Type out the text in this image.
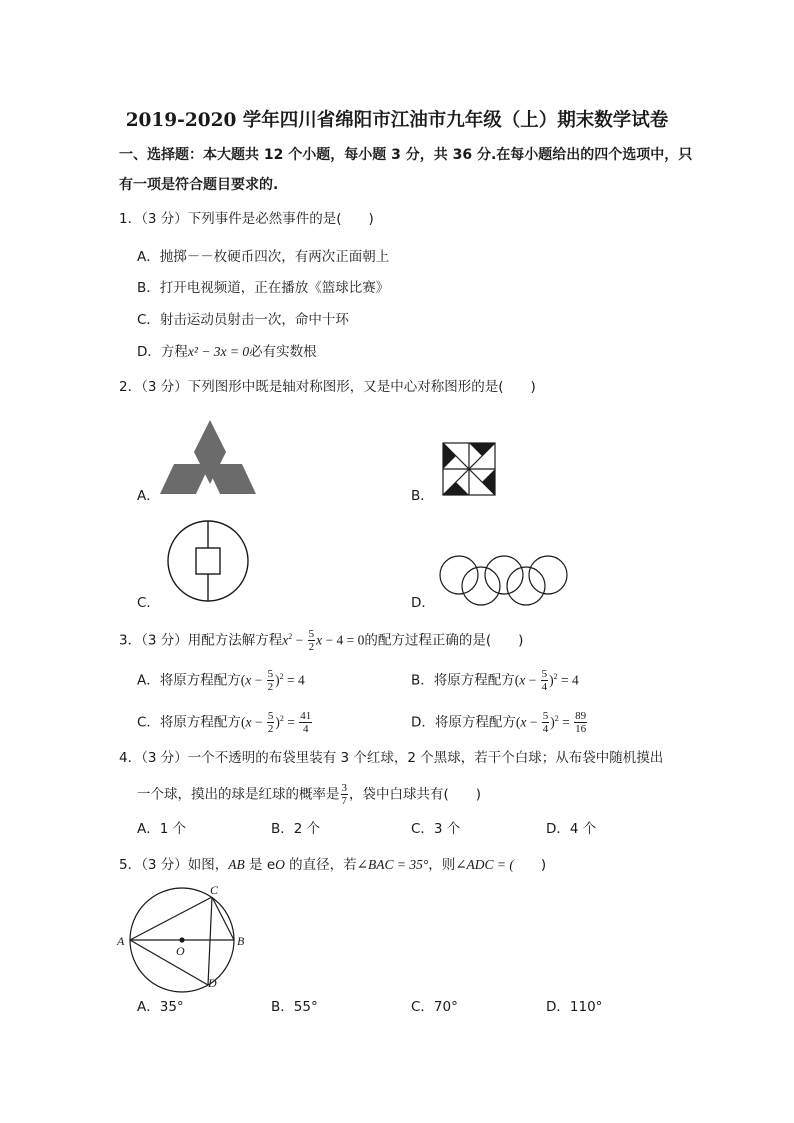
2019-2020 学年四川省绵阳市江油市九年级（上）期末数学试卷
一、选择题：本大题共 12 个小题，每小题 3 分，共 36 分.在每小题给出的四个选项中，只
有一项是符合题目要求的.
1．（3 分）下列事件是必然事件的是(　　)
A．抛掷－－枚硬币四次，有两次正面朝上
B．打开电视频道，正在播放《篮球比赛》
C．射击运动员射击一次，命中十环
D．方程x² − 3x = 0必有实数根
2．（3 分）下列图形中既是轴对称图形，又是中心对称图形的是(　　)
A．	B．
C．	D．
3．（3 分）用配方法解方程$x^2 - \frac{5}{2}$ x − 4 = 0的配方过程正确的是(　　)
A．将原方程配方$(x - \frac{5}{2} )^2 = 4$	B．将原方程配方$(x - \frac{5}{4} )^2 = 4$
C．将原方程配方$(x - \frac{5}{2} )^2 = \frac{41}{4}$	D．将原方程配方$(x - \frac{5}{4} )^2 = \frac{89}{16}$
4．（3 分）一个不透明的布袋里装有 3 个红球，2 个黑球，若干个白球；从布袋中随机摸出
一个球，摸出的球是红球的概率是 $\frac{3}{7}$ ，袋中白球共有(　　)
A．1 个	B．2 个	C．3 个	D．4 个
5．（3 分）如图，AB 是 eO 的直径，若∠BAC = 35°，则∠ADC = (　　)
A	B
C
D
O
A．35°	B．55°	C．70°	D．110°
